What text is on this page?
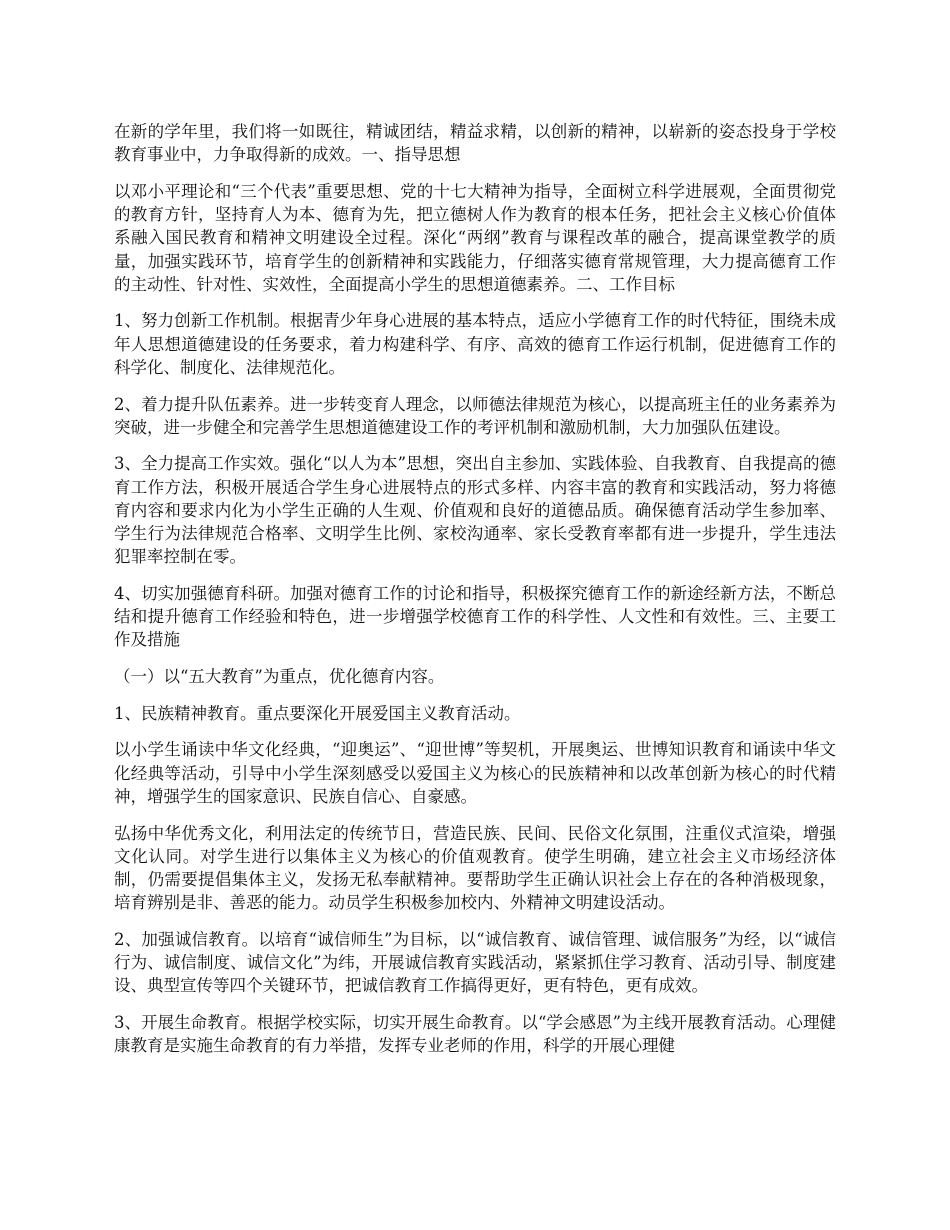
在新的学年里，我们将一如既往，精诚团结，精益求精，以创新的精神，以崭新的姿态投身于学校教育事业中，力争取得新的成效。一、指导思想

以邓小平理论和“三个代表”重要思想、党的十七大精神为指导，全面树立科学进展观，全面贯彻党的教育方针，坚持育人为本、德育为先，把立德树人作为教育的根本任务，把社会主义核心价值体系融入国民教育和精神文明建设全过程。深化“两纲”教育与课程改革的融合，提高课堂教学的质量，加强实践环节，培育学生的创新精神和实践能力，仔细落实德育常规管理，大力提高德育工作的主动性、针对性、实效性，全面提高小学生的思想道德素养。二、工作目标

1、努力创新工作机制。根据青少年身心进展的基本特点，适应小学德育工作的时代特征，围绕未成年人思想道德建设的任务要求，着力构建科学、有序、高效的德育工作运行机制，促进德育工作的科学化、制度化、法律规范化。

2、着力提升队伍素养。进一步转变育人理念，以师德法律规范为核心，以提高班主任的业务素养为突破，进一步健全和完善学生思想道德建设工作的考评机制和激励机制，大力加强队伍建设。

3、全力提高工作实效。强化“以人为本”思想，突出自主参加、实践体验、自我教育、自我提高的德育工作方法，积极开展适合学生身心进展特点的形式多样、内容丰富的教育和实践活动，努力将德育内容和要求内化为小学生正确的人生观、价值观和良好的道德品质。确保德育活动学生参加率、学生行为法律规范合格率、文明学生比例、家校沟通率、家长受教育率都有进一步提升，学生违法犯罪率控制在零。

4、切实加强德育科研。加强对德育工作的讨论和指导，积极探究德育工作的新途经新方法，不断总结和提升德育工作经验和特色，进一步增强学校德育工作的科学性、人文性和有效性。三、主要工作及措施

（一）以“五大教育”为重点，优化德育内容。

1、民族精神教育。重点要深化开展爱国主义教育活动。

以小学生诵读中华文化经典，“迎奥运”、“迎世博”等契机，开展奥运、世博知识教育和诵读中华文化经典等活动，引导中小学生深刻感受以爱国主义为核心的民族精神和以改革创新为核心的时代精神，增强学生的国家意识、民族自信心、自豪感。

弘扬中华优秀文化，利用法定的传统节日，营造民族、民间、民俗文化氛围，注重仪式渲染，增强文化认同。对学生进行以集体主义为核心的价值观教育。使学生明确，建立社会主义市场经济体制，仍需要提倡集体主义，发扬无私奉献精神。要帮助学生正确认识社会上存在的各种消极现象，培育辨别是非、善恶的能力。动员学生积极参加校内、外精神文明建设活动。

2、加强诚信教育。以培育“诚信师生”为目标，以“诚信教育、诚信管理、诚信服务”为经，以“诚信行为、诚信制度、诚信文化”为纬，开展诚信教育实践活动，紧紧抓住学习教育、活动引导、制度建设、典型宣传等四个关键环节，把诚信教育工作搞得更好，更有特色，更有成效。

3、开展生命教育。根据学校实际，切实开展生命教育。以“学会感恩”为主线开展教育活动。心理健康教育是实施生命教育的有力举措，发挥专业老师的作用，科学的开展心理健
